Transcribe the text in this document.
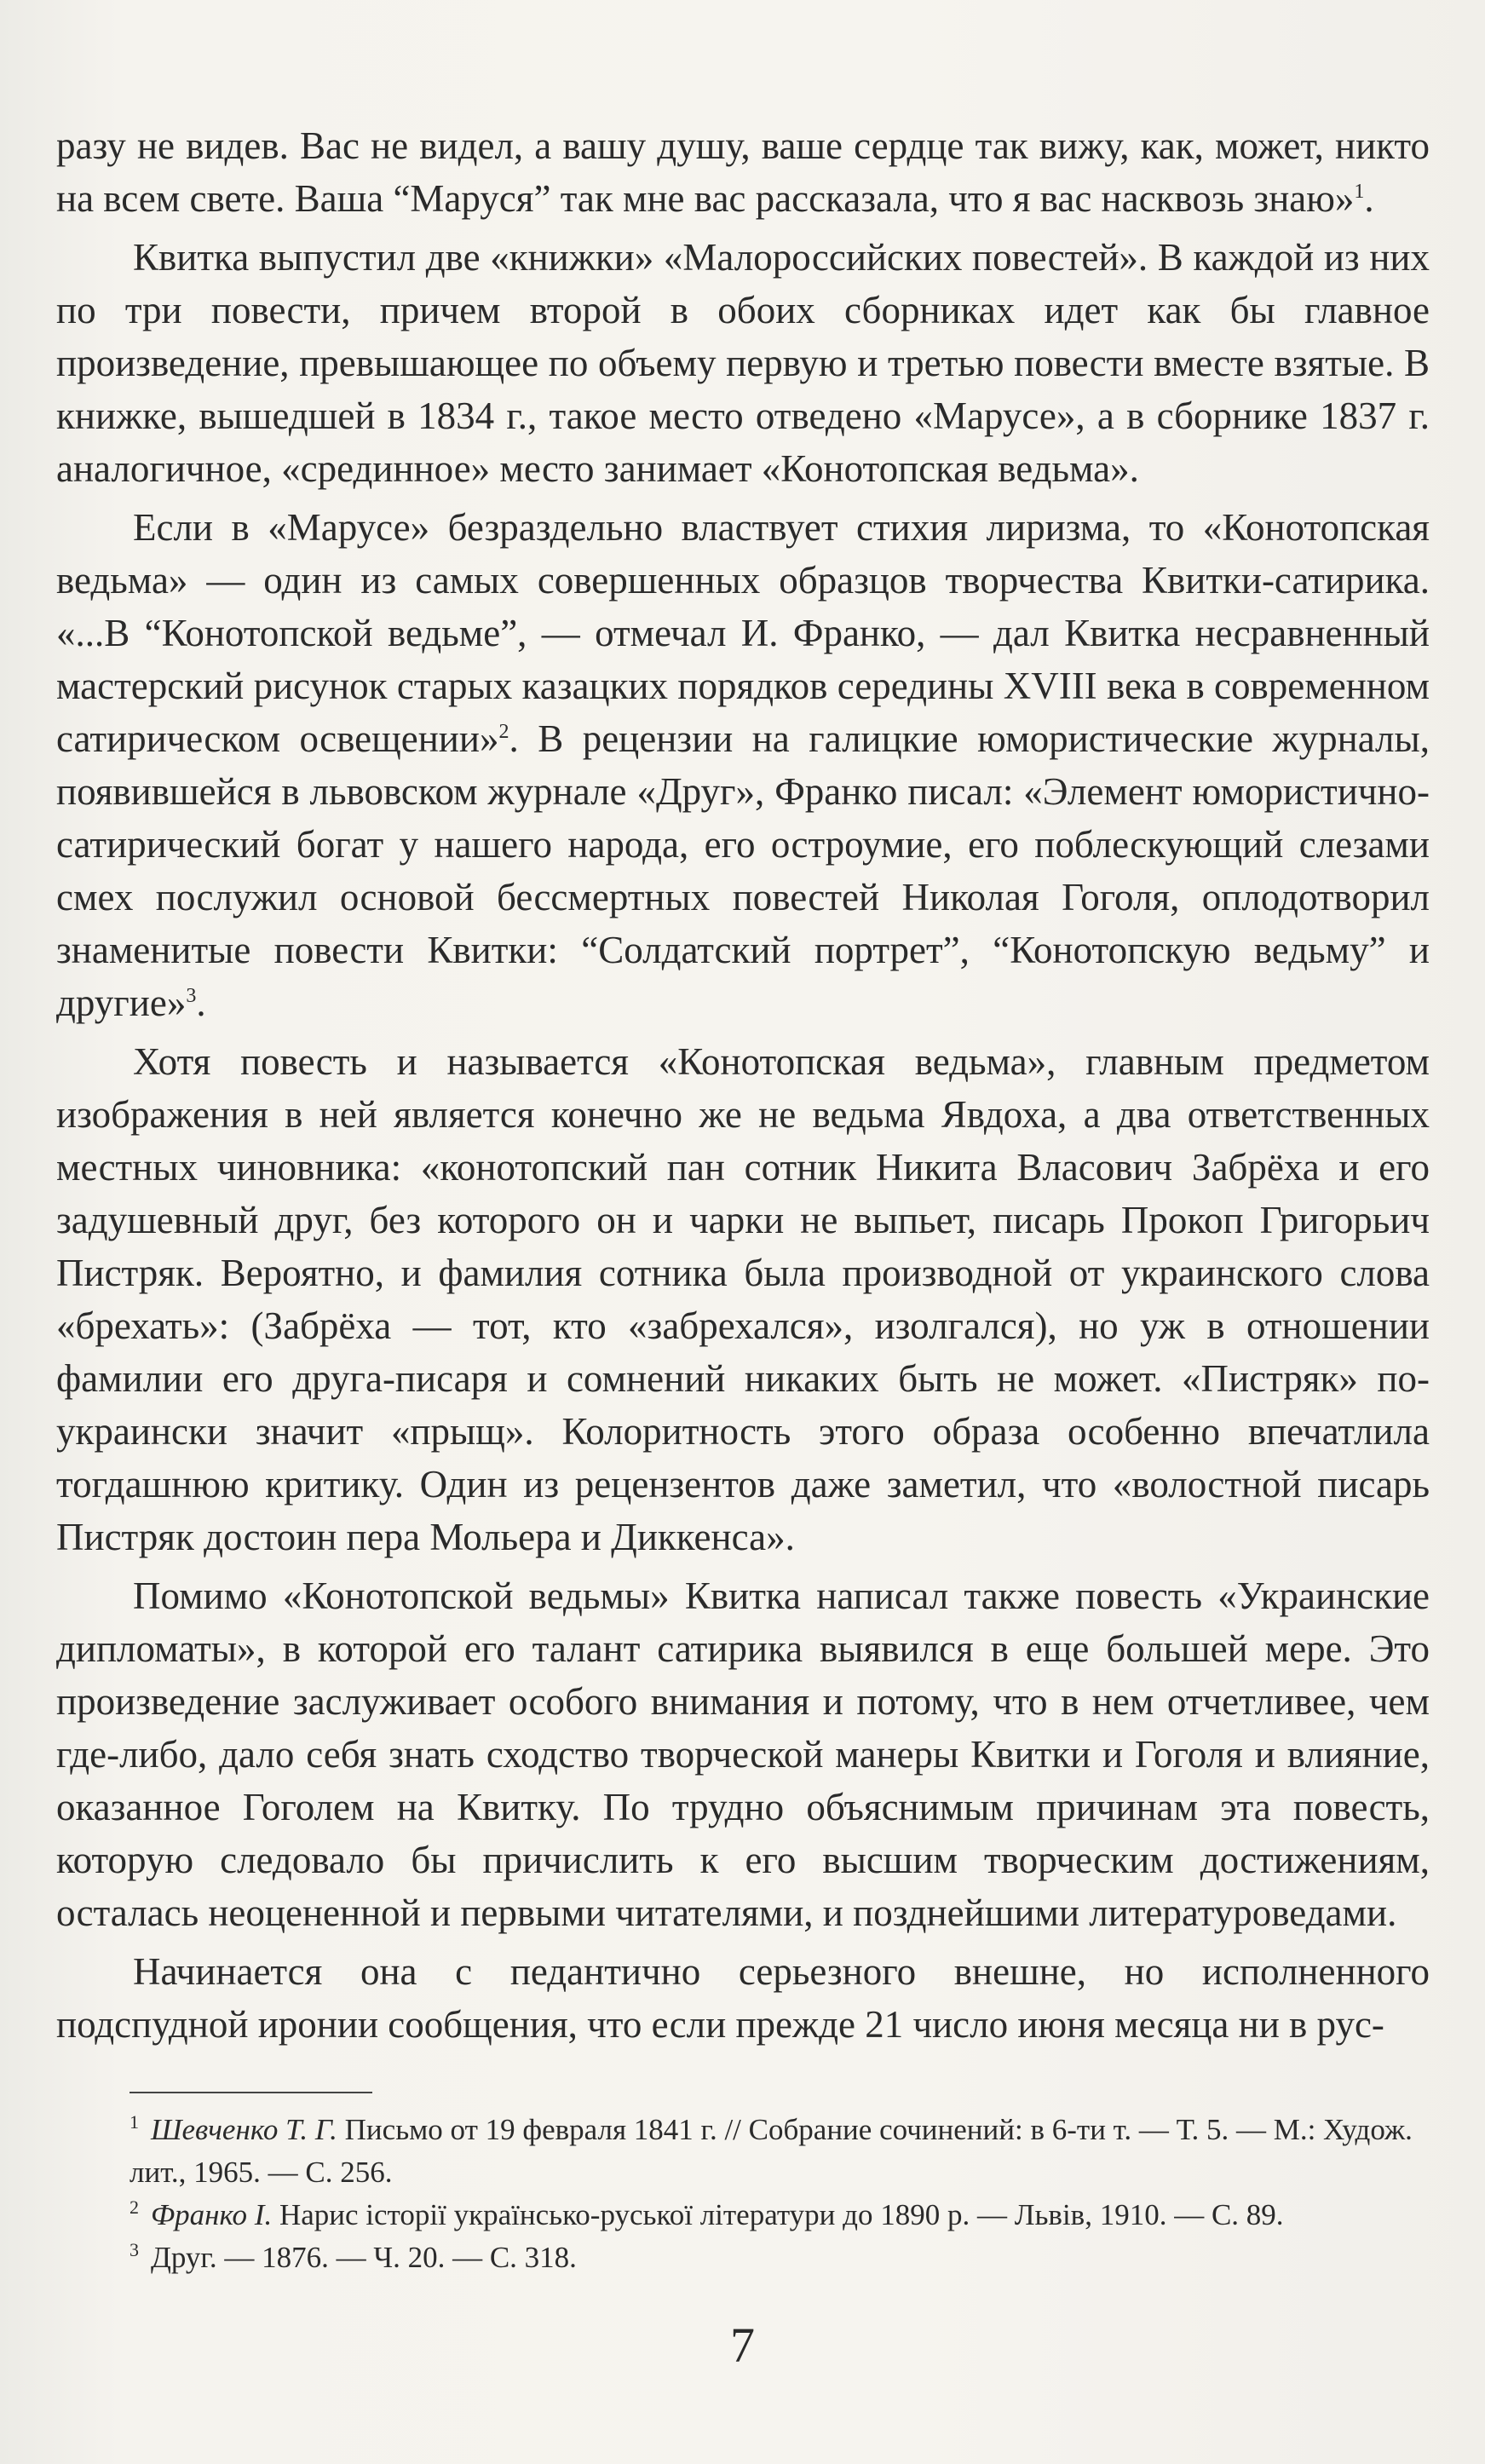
разу не видев. Вас не видел, а вашу душу, ваше сердце так вижу, как, может, никто на всем свете. Ваша “Маруся” так мне вас рассказала, что я вас насквозь знаю»$^1$.

Квитка выпустил две «книжки» «Малороссийских повестей». В каждой из них по три повести, причем второй в обоих сборниках идет как бы главное произведение, превышающее по объему первую и третью повести вместе взятые. В книжке, вышедшей в 1834 г., такое место отведено «Марусе», а в сборнике 1837 г. аналогичное, «срединное» место занимает «Конотопская ведьма».

Если в «Марусе» безраздельно властвует стихия лиризма, то «Конотопская ведьма» — один из самых совершенных образцов творчества Квитки-сатирика. «...В “Конотопской ведьме”, — отмечал И. Франко, — дал Квитка несравненный мастерский рисунок старых казацких порядков середины XVIII века в современном сатирическом освещении»$^2$. В рецензии на галицкие юмористические журналы, появившейся в львовском журнале «Друг», Франко писал: «Элемент юмористично-сатирический богат у нашего народа, его остроумие, его поблескующий слезами смех послужил основой бессмертных повестей Николая Гоголя, оплодотворил знаменитые повести Квитки: “Солдатский портрет”, “Конотопскую ведьму” и другие»$^3$.

Хотя повесть и называется «Конотопская ведьма», главным предметом изображения в ней является конечно же не ведьма Явдоха, а два ответственных местных чиновника: «конотопский пан сотник Никита Власович Забрёха и его задушевный друг, без которого он и чарки не выпьет, писарь Прокоп Григорьич Пистряк. Вероятно, и фамилия сотника была производной от украинского слова «брехать»: (Забрёха — тот, кто «забрехался», изолгался), но уж в отношении фамилии его друга-писаря и сомнений никаких быть не может. «Пистряк» по-украински значит «прыщ». Колоритность этого образа особенно впечатлила тогдашнюю критику. Один из рецензентов даже заметил, что «волостной писарь Пистряк достоин пера Мольера и Диккенса».

Помимо «Конотопской ведьмы» Квитка написал также повесть «Украинские дипломаты», в которой его талант сатирика выявился в еще большей мере. Это произведение заслуживает особого внимания и потому, что в нем отчетливее, чем где-либо, дало себя знать сходство творческой манеры Квитки и Гоголя и влияние, оказанное Гоголем на Квитку. По трудно объяснимым причинам эта повесть, которую следовало бы причислить к его высшим творческим достижениям, осталась неоцененной и первыми читателями, и позднейшими литературоведами.

Начинается она с педантично серьезного внешне, но исполненного подспудной иронии сообщения, что если прежде 21 число июня месяца ни в рус-

$^1$ Шевченко Т. Г. Письмо от 19 февраля 1841 г. // Собрание сочинений: в 6-ти т. — Т. 5. — М.: Худож. лит., 1965. — С. 256.

$^2$ Франко І. Нарис історії українсько-руської літератури до 1890 р. — Львів, 1910. — С. 89.

$^3$ Друг. — 1876. — Ч. 20. — С. 318.

7
